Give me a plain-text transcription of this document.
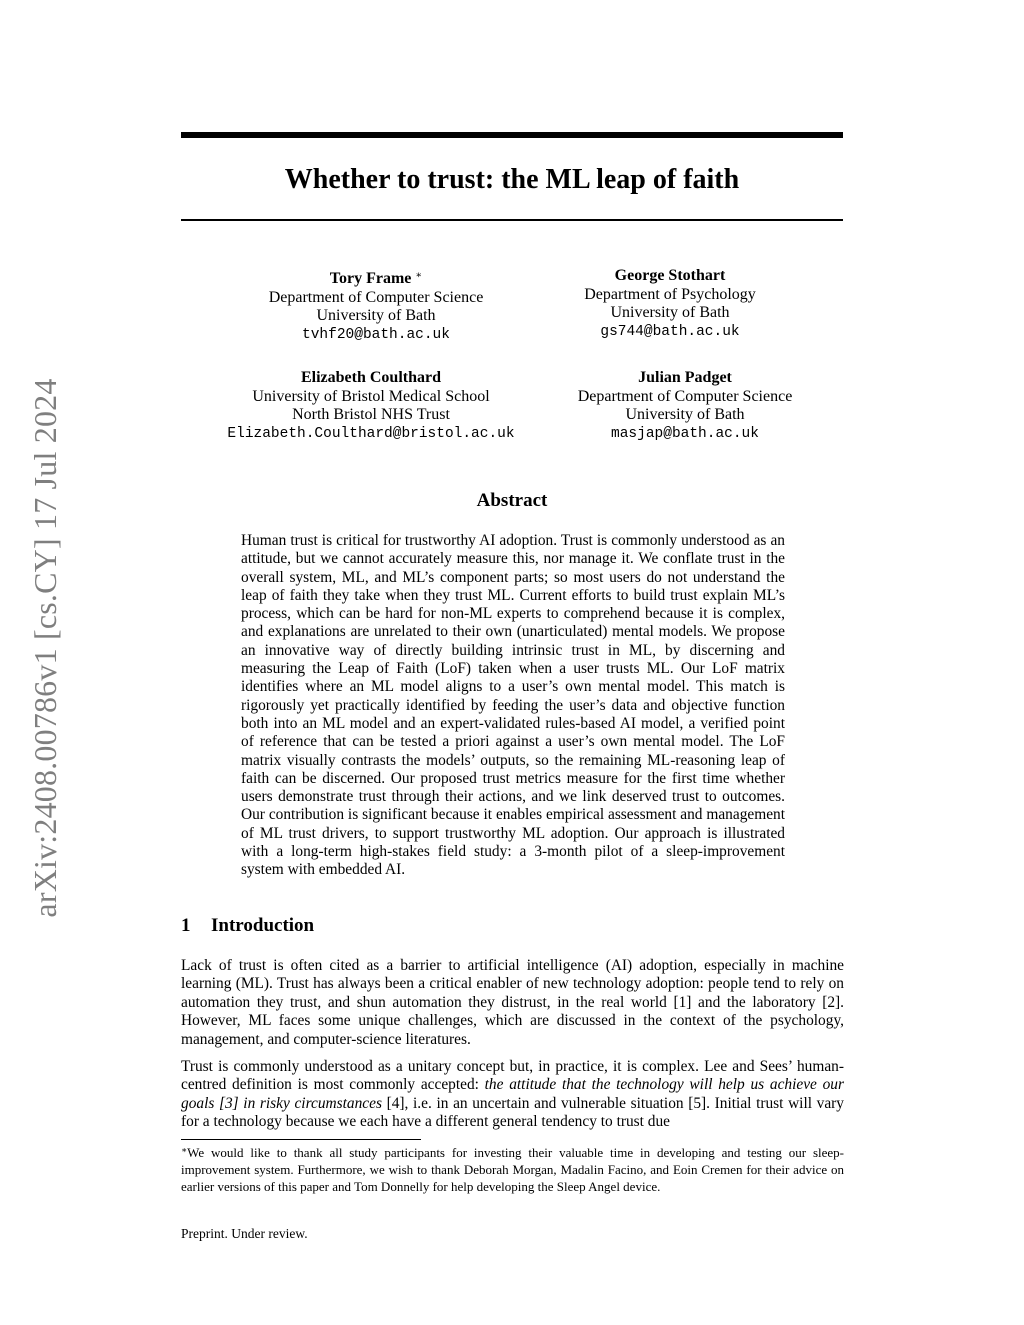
arXiv:2408.00786v1 [cs.CY] 17 Jul 2024
Whether to trust: the ML leap of faith
Tory Frame ∗
Department of Computer Science
University of Bath
tvhf20@bath.ac.uk
George Stothart
Department of Psychology
University of Bath
gs744@bath.ac.uk
Elizabeth Coulthard
University of Bristol Medical School
North Bristol NHS Trust
Elizabeth.Coulthard@bristol.ac.uk
Julian Padget
Department of Computer Science
University of Bath
masjap@bath.ac.uk
Abstract

Human trust is critical for trustworthy AI adoption. Trust is commonly understood as an attitude, but we cannot accurately measure this, nor manage it. We conflate trust in the overall system, ML, and ML’s component parts; so most users do not understand the leap of faith they take when they trust ML. Current efforts to build trust explain ML’s process, which can be hard for non-ML experts to comprehend because it is complex, and explanations are unrelated to their own (unarticulated) mental models. We propose an innovative way of directly building intrinsic trust in ML, by discerning and measuring the Leap of Faith (LoF) taken when a user trusts ML. Our LoF matrix identifies where an ML model aligns to a user’s own mental model. This match is rigorously yet practically identified by feeding the user’s data and objective function both into an ML model and an expert-validated rules-based AI model, a verified point of reference that can be tested a priori against a user’s own mental model. The LoF matrix visually contrasts the models’ outputs, so the remaining ML-reasoning leap of faith can be discerned. Our proposed trust metrics measure for the first time whether users demonstrate trust through their actions, and we link deserved trust to outcomes. Our contribution is significant because it enables empirical assessment and management of ML trust drivers, to support trustworthy ML adoption. Our approach is illustrated with a long-term high-stakes field study: a 3-month pilot of a sleep-improvement system with embedded AI.

1 Introduction

Lack of trust is often cited as a barrier to artificial intelligence (AI) adoption, especially in machine learning (ML). Trust has always been a critical enabler of new technology adoption: people tend to rely on automation they trust, and shun automation they distrust, in the real world [1] and the laboratory [2]. However, ML faces some unique challenges, which are discussed in the context of the psychology, management, and computer-science literatures.

Trust is commonly understood as a unitary concept but, in practice, it is complex. Lee and Sees’ human-centred definition is most commonly accepted: the attitude that the technology will help us achieve our goals [3] in risky circumstances [4], i.e. in an uncertain and vulnerable situation [5]. Initial trust will vary for a technology because we each have a different general tendency to trust due

∗We would like to thank all study participants for investing their valuable time in developing and testing our sleep-improvement system. Furthermore, we wish to thank Deborah Morgan, Madalin Facino, and Eoin Cremen for their advice on earlier versions of this paper and Tom Donnelly for help developing the Sleep Angel device.

Preprint. Under review.
